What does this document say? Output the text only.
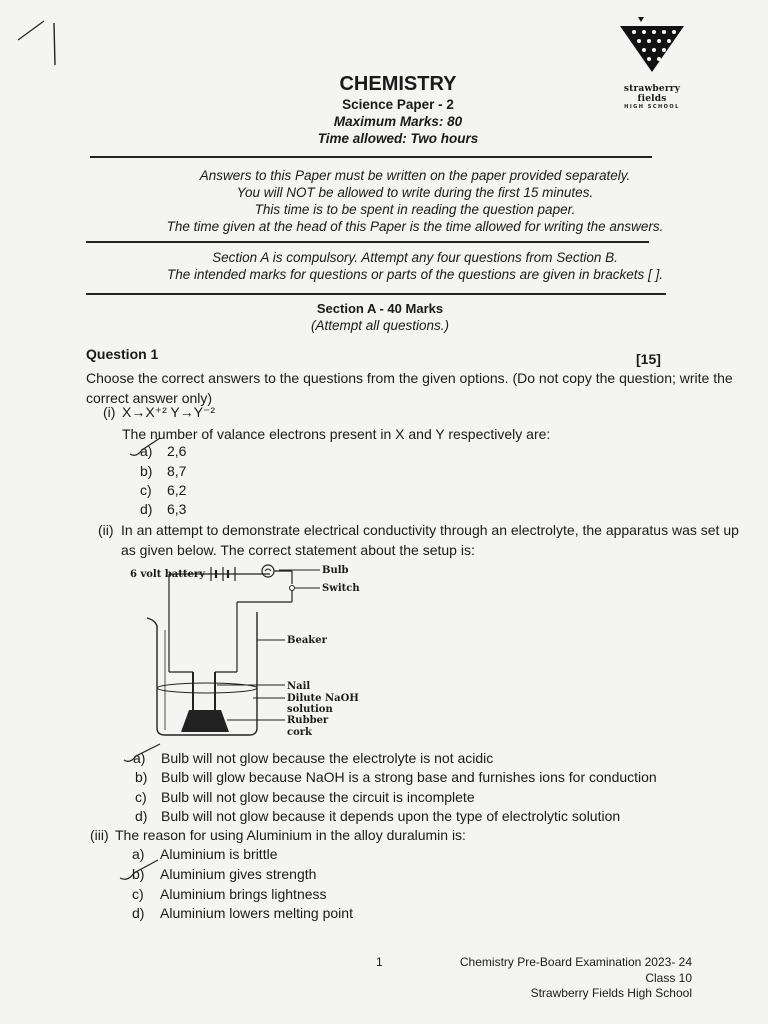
strawberry fields
HIGH SCHOOL
CHEMISTRY
Science Paper - 2
Maximum Marks: 80
Time allowed: Two hours
Answers to this Paper must be written on the paper provided separately.
You will NOT be allowed to write during the first 15 minutes.
This time is to be spent in reading the question paper.
The time given at the head of this Paper is the time allowed for writing the answers.
Section A is compulsory. Attempt any four questions from Section B.
The intended marks for questions or parts of the questions are given in brackets [ ].
Section A - 40 Marks
(Attempt all questions.)
Question 1	[15]
Choose the correct answers to the questions from the given options. (Do not copy the question; write the
correct answer only)
(i) X→X⁺² Y→Y⁻²
The number of valance electrons present in X and Y respectively are:
a) 2,6
b) 8,7
c) 6,2
d) 6,3
(ii) In an attempt to demonstrate electrical conductivity through an electrolyte, the apparatus was set up
as given below. The correct statement about the setup is:
6 volt battery	Bulb
Switch
Beaker
Nail
Dilute NaOH
solution
Rubber
cork
a) Bulb will not glow because the electrolyte is not acidic
b) Bulb will glow because NaOH is a strong base and furnishes ions for conduction
c) Bulb will not glow because the circuit is incomplete
d) Bulb will not glow because it depends upon the type of electrolytic solution
(iii) The reason for using Aluminium in the alloy duralumin is:
a) Aluminium is brittle
b) Aluminium gives strength
c) Aluminium brings lightness
d) Aluminium lowers melting point
1	Chemistry Pre-Board Examination 2023- 24
Class 10
Strawberry Fields High School
